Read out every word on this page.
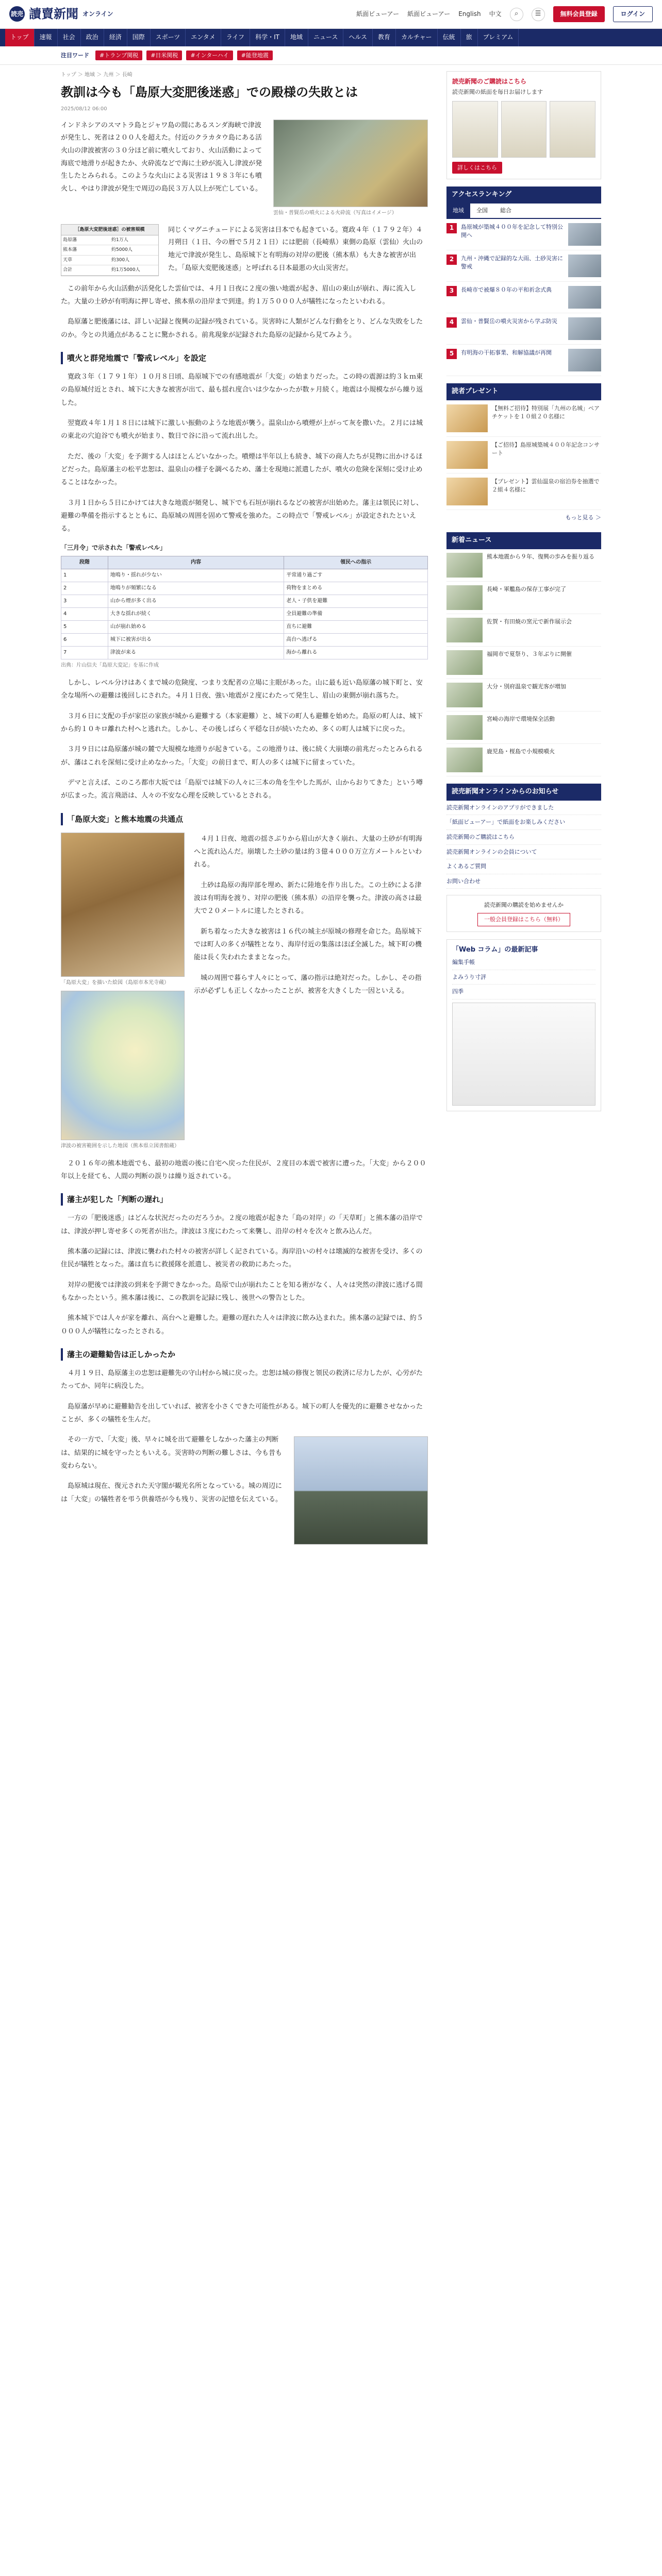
読売 讀賣新聞 オンライン	紙面ビューアー 紙面ビューアー English 中文	⌕	☰	無料会員登録	ログイン
トップ	速報	社会	政治	経済	国際	スポーツ	エンタメ	ライフ	科学・IT	地域	ニュース	ヘルス	教育	カルチャー	伝統	旅	プレミアム
注目ワード	#トランプ関税	#日米関税	#インターハイ	#能登地震
トップ ＞ 地域 ＞ 九州 ＞ 長崎
教訓は今も「島原大変肥後迷惑」での殿様の失敗とは
2025/08/12 06:00
インドネシアのスマトラ島とジャワ島の間にあるスンダ海峡で津波が発生し、死者は２００人を超えた。付近のクラカタウ島にある活火山の津波被害の３０分ほど前に噴火しており、火山活動によって海底で地滑りが起きたか、火砕流などで海に土砂が流入し津波が発生したとみられる。このような火山による災害は１９８３年にも噴火し、やはり津波が発生で周辺の島民３万人以上が死亡している。
雲仙・普賢岳の噴火による火砕流（写真はイメージ）
［島原大変肥後迷惑］の被害規模
島原藩	約1万人
熊本藩	約5000人
天草	約300人
合計	約1万5000人
同じくマグニチュードによる災害は日本でも起きている。寛政４年（１７９２年）４月朔日（１日、今の暦で５月２１日）には肥前（長崎県）東側の島原（雲仙）火山の地元で津波が発生し、島原城下と有明海の対岸の肥後（熊本県）も大きな被害が出た。「島原大変肥後迷惑」と呼ばれる日本最悪の火山災害だ。

この前年から火山活動が活発化した雲仙では、４月１日夜に２度の強い地震が起き、眉山の東山が崩れ、海に流入した。大量の土砂が有明海に押し寄せ、熊本県の沿岸まで到達。約１万５０００人が犠牲になったといわれる。

島原藩と肥後藩には、詳しい記録と復興の記録が残されている。災害時に人類がどんな行動をとり、どんな失敗をしたのか。今との共通点があることに驚かされる。前兆現象が記録された島原の記録から見てみよう。

噴火と群発地震で「警戒レベル」を設定

寛政３年（１７９１年）１０月８日頃、島原城下での有感地震が「大変」の始まりだった。この時の震源は約３ｋｍ東の島原城付近とされ、城下に大きな被害が出て、最も揺れ度合いは少なかったが数ヶ月続く。地震は小規模ながら繰り返した。

翌寛政４年１月１８日には城下に激しい振動のような地震が襲う。温泉山から噴煙が上がって灰を撒いた。２月には城の東北の穴迫谷でも噴火が始まり、数日で谷に沿って流れ出した。

ただ、後の「大変」を予測する人はほとんどいなかった。噴煙は半年以上も続き、城下の商人たちが見物に出かけるほどだった。島原藩主の松平忠恕は、温泉山の様子を調べるため、藩士を現地に派遣したが、噴火の危険を深刻に受け止めることはなかった。

３月１日から５日にかけては大きな地震が頻発し、城下でも石垣が崩れるなどの被害が出始めた。藩主は領民に対し、避難の準備を指示するとともに、島原城の周囲を固めて警戒を強めた。この時点で「警戒レベル」が設定されたといえる。

「三月令」で示された「警戒レベル」
段階	内容	領民への指示
1	地鳴り・揺れが少ない	平常通り過ごす
2	地鳴りが頻繁になる	荷物をまとめる
3	山から煙が多く出る	老人・子供を避難
4	大きな揺れが続く	全員避難の準備
5	山が崩れ始める	直ちに避難
6	城下に被害が出る	高台へ逃げる
7	津波が来る	海から離れる
出典：片山信夫「島原大変記」を基に作成

しかし、レベル分けはあくまで城の危険度、つまり支配者の立場に主眼があった。山に最も近い島原藩の城下町と、安全な場所への避難は後回しにされた。４月１日夜、強い地震が２度にわたって発生し、眉山の東側が崩れ落ちた。

３月６日に支配の手が家臣の家族が城から避難する（本家避難）と、城下の町人も避難を始めた。島原の町人は、城下から約１０キロ離れた村へと逃れた。しかし、その後しばらく平穏な日が続いたため、多くの町人は城下に戻った。

３月９日には島原藩が城の麓で大規模な地滑りが起きている。この地滑りは、後に続く大崩壊の前兆だったとみられるが、藩はこれを深刻に受け止めなかった。「大変」の前日まで、町人の多くは城下に留まっていた。

デマと言えば、このころ都市大坂では「島原では城下の人々に三本の角を生やした馬が、山からおりてきた」という噂が広まった。流言飛語は、人々の不安な心理を反映しているとされる。

「島原大変」と熊本地震の共通点
「島原大変」を描いた絵図（島原市本光寺蔵）
津波の被害範囲を示した地図（熊本県立図書館蔵）

４月１日夜、地震の揺さぶりから眉山が大きく崩れ、大量の土砂が有明海へと流れ込んだ。崩壊した土砂の量は約３億４０００万立方メートルといわれる。

土砂は島原の海岸部を埋め、新たに陸地を作り出した。この土砂による津波は有明海を渡り、対岸の肥後（熊本県）の沿岸を襲った。津波の高さは最大で２０メートルに達したとされる。

新ち着なった大きな被害は１６代の城主が原城の修理を命じた。島原城下では町人の多くが犠牲となり、海岸付近の集落はほぼ全滅した。城下町の機能は長く失われたままとなった。

城の周囲で暮らす人々にとって、藩の指示は絶対だった。しかし、その指示が必ずしも正しくなかったことが、被害を大きくした一因といえる。

２０１６年の熊本地震でも、最初の地震の後に自宅へ戻った住民が、２度目の本震で被害に遭った。「大変」から２００年以上を経ても、人間の判断の誤りは繰り返されている。

藩主が犯した「判断の遅れ」

一方の「肥後迷惑」はどんな状況だったのだろうか。２度の地震が起きた「島の対岸」の「天草町」と熊本藩の沿岸では、津波が押し寄せ多くの死者が出た。津波は３度にわたって来襲し、沿岸の村々を次々と飲み込んだ。

熊本藩の記録には、津波に襲われた村々の被害が詳しく記されている。海岸沿いの村々は壊滅的な被害を受け、多くの住民が犠牲となった。藩は直ちに救援隊を派遣し、被災者の救助にあたった。

対岸の肥後では津波の到来を予測できなかった。島原で山が崩れたことを知る術がなく、人々は突然の津波に逃げる間もなかったという。熊本藩は後に、この教訓を記録に残し、後世への警告とした。

熊本城下では人々が家を離れ、高台へと避難した。避難の遅れた人々は津波に飲み込まれた。熊本藩の記録では、約５０００人が犠牲になったとされる。

藩主の避難勧告は正しかったか

４月１９日、島原藩主の忠恕は避難先の守山村から城に戻った。忠恕は城の修復と領民の救済に尽力したが、心労がたたってか、同年に病没した。

島原藩が早めに避難勧告を出していれば、被害を小さくできた可能性がある。城下の町人を優先的に避難させなかったことが、多くの犠牲を生んだ。

その一方で、「大変」後、早々に城を出て避難をしなかった藩主の判断は、結果的に城を守ったともいえる。災害時の判断の難しさは、今も昔も変わらない。

島原城は現在、復元された天守閣が観光名所となっている。城の周辺には「大変」の犠牲者を弔う供養塔が今も残り、災害の記憶を伝えている。

読売新聞のご購読はこちら
読売新聞の紙面を毎日お届けします
詳しくはこちら
アクセスランキング
地域	全国	総合
1	島原城が築城４００年を記念して特別公開へ
2	九州・沖縄で記録的な大雨、土砂災害に警戒
3	長崎市で被爆８０年の平和祈念式典
4	雲仙・普賢岳の噴火災害から学ぶ防災
5	有明海の干拓事業、和解協議が再開
読者プレゼント
【無料ご招待】特別展「九州の名城」ペアチケットを１０組２０名様に
【ご招待】島原城築城４００年記念コンサート
【プレゼント】雲仙温泉の宿泊券を抽選で２組４名様に
もっと見る ＞
新着ニュース
熊本地震から９年、復興の歩みを振り返る
長崎・軍艦島の保存工事が完了
佐賀・有田焼の窯元で新作展示会
福岡市で夏祭り、３年ぶりに開催
大分・別府温泉で観光客が増加
宮崎の海岸で環境保全活動
鹿児島・桜島で小規模噴火
読売新聞オンラインからのお知らせ
読売新聞オンラインのアプリができました
「紙面ビューアー」で紙面をお楽しみください
読売新聞のご購読はこちら
読売新聞オンラインの会員について
よくあるご質問
お問い合わせ
読売新聞の購読を始めませんか
一般会員登録はこちら（無料）
「Web コラム」の最新記事
編集手帳
よみうり寸評
四季
